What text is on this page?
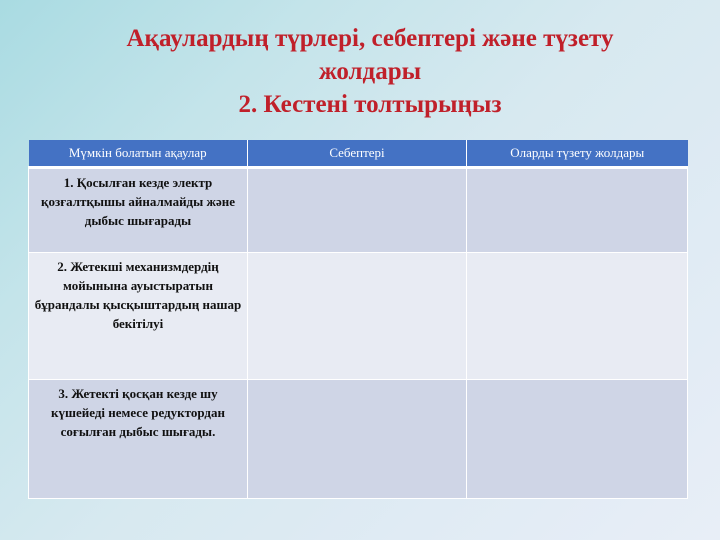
Ақаулардың түрлері, себептері және түзету
жолдары
2. Кестені толтырыңыз
Мүмкін болатын ақаулар	Себептері	Оларды түзету жолдары
1. Қосылған кезде электр қозғалтқышы айналмайды және дыбыс шығарады		
2. Жетекші механизмдердің мойынына ауыстыратын бұрандалы қысқыштардың нашар бекітілуі		
3. Жетекті қосқан кезде шу күшейеді немесе редуктордан соғылған дыбыс шығады.		
